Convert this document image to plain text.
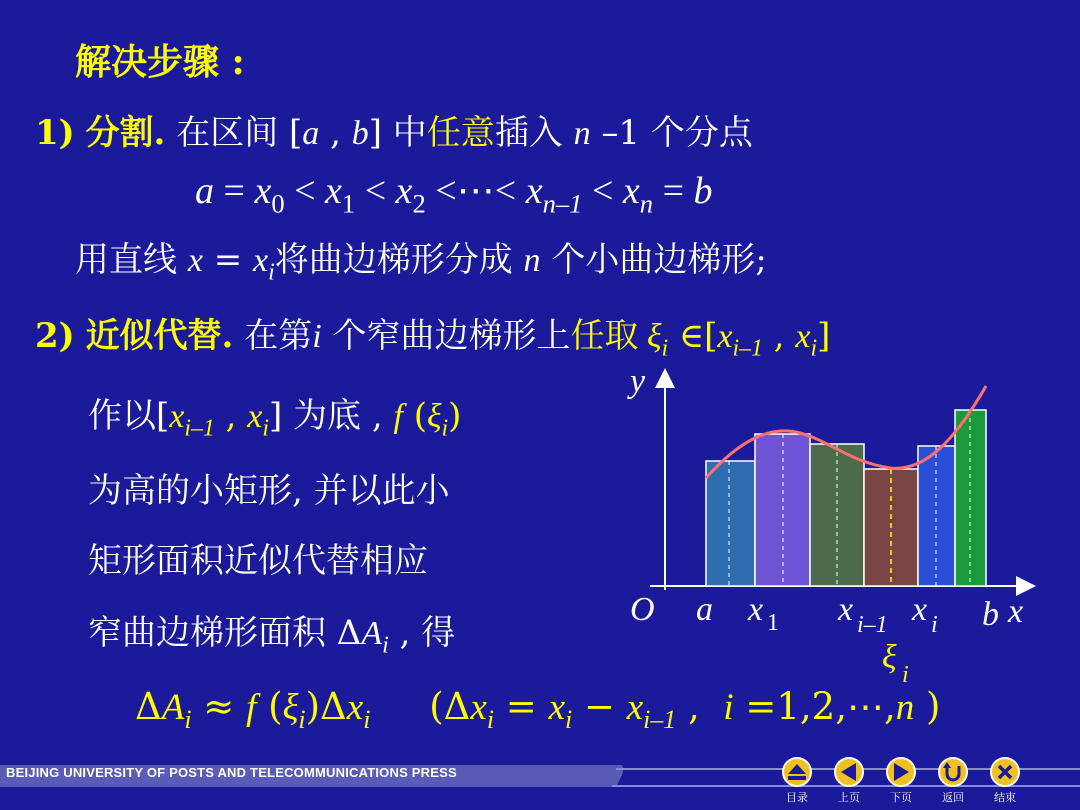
解决步骤 :
1) 分割. 在区间 [a , b] 中任意插入 n –1 个分点
$a = x_0 < x_1 < x_2$ <⋯< $x_{n-1} < x_n = b$
用直线 $x = x_i$将曲边梯形分成 n 个小曲边梯形;
2) 近似代替. 在第i 个窄曲边梯形上任取 $\xi_i$ $\in[x_{i-1}$ , $x_i$]
作以[$x_{i-1}$ , $x_i$] 为底 , f $(\xi_i)$
为高的小矩形, 并以此小
矩形面积近似代替相应
窄曲边梯形面积 $\Delta A_i$ , 得
$\Delta A_i \approx f$ $(\xi_i)\Delta x_i$     ($\Delta x_i = x_i - x_{i-1}$ ,  i =1,2,⋯,n )
y
O a x 1 x i–1 x i b x
ξ i
BEIJING UNIVERSITY OF POSTS AND TELECOMMUNICATIONS PRESS
目录	上页	下页	返回	结束
